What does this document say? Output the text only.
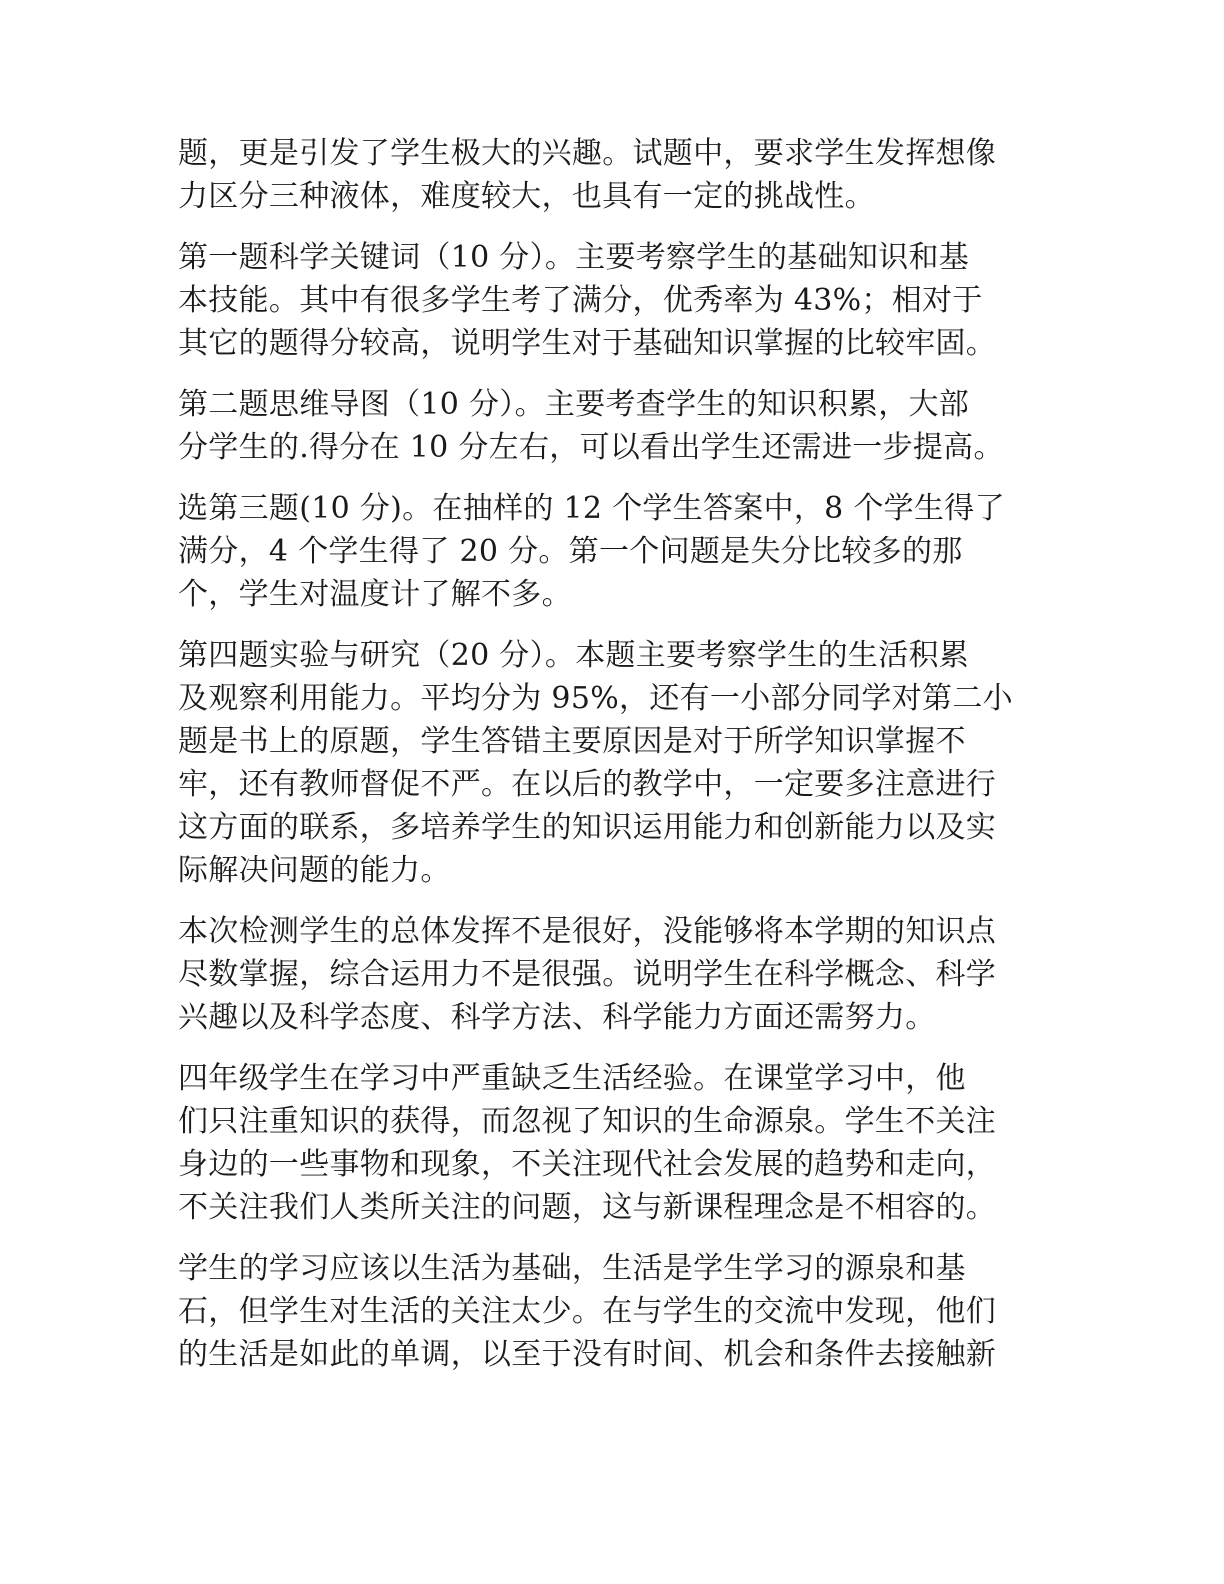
题，更是引发了学生极大的兴趣。试题中，要求学生发挥想像
力区分三种液体，难度较大，也具有一定的挑战性。

第一题科学关键词（10 分）。主要考察学生的基础知识和基
本技能。其中有很多学生考了满分，优秀率为 43%；相对于
其它的题得分较高，说明学生对于基础知识掌握的比较牢固。

第二题思维导图（10 分）。主要考查学生的知识积累，大部
分学生的.得分在 10 分左右，可以看出学生还需进一步提高。

选第三题(10 分)。在抽样的 12 个学生答案中，8 个学生得了
满分，4 个学生得了 20 分。第一个问题是失分比较多的那
个，学生对温度计了解不多。

第四题实验与研究（20 分）。本题主要考察学生的生活积累
及观察利用能力。平均分为 95%，还有一小部分同学对第二小
题是书上的原题，学生答错主要原因是对于所学知识掌握不
牢，还有教师督促不严。在以后的教学中，一定要多注意进行
这方面的联系，多培养学生的知识运用能力和创新能力以及实
际解决问题的能力。

本次检测学生的总体发挥不是很好，没能够将本学期的知识点
尽数掌握，综合运用力不是很强。说明学生在科学概念、科学
兴趣以及科学态度、科学方法、科学能力方面还需努力。

四年级学生在学习中严重缺乏生活经验。在课堂学习中，他
们只注重知识的获得，而忽视了知识的生命源泉。学生不关注
身边的一些事物和现象，不关注现代社会发展的趋势和走向，
不关注我们人类所关注的问题，这与新课程理念是不相容的。

学生的学习应该以生活为基础，生活是学生学习的源泉和基
石，但学生对生活的关注太少。在与学生的交流中发现，他们
的生活是如此的单调，以至于没有时间、机会和条件去接触新
